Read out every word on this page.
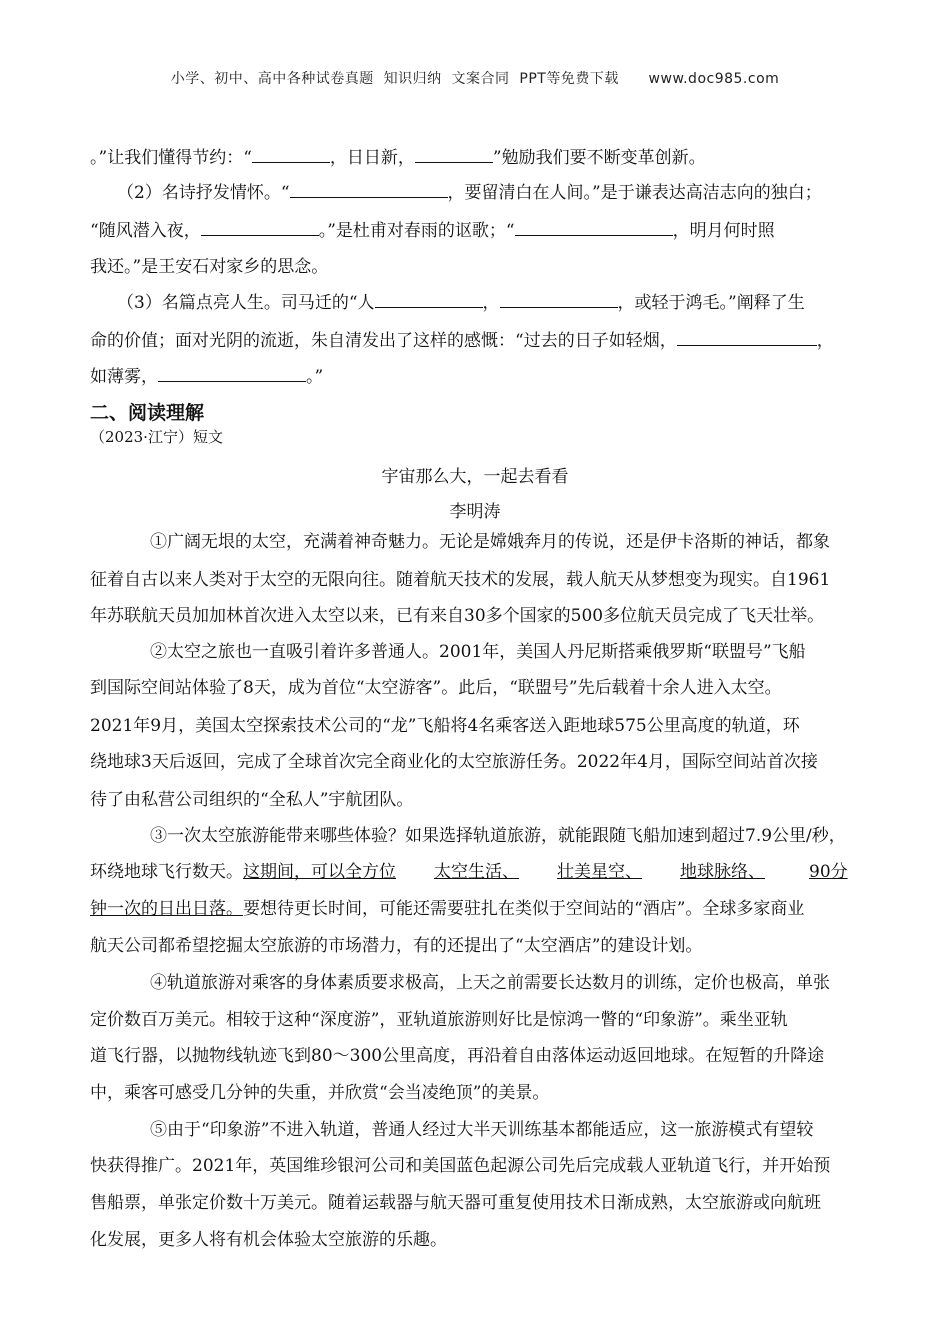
小学、初中、高中各种试卷真题  知识归纳  文案合同  PPT等免费下载      www.doc985.com
。”让我们懂得节约：“	，日日新，	”勉励我们要不断变革创新。
（2）名诗抒发情怀。“	，要留清白在人间。”是于谦表达高洁志向的独白；
“随风潜入夜，	。”是杜甫对春雨的讴歌；“	，明月何时照
我还。”是王安石对家乡的思念。
（3）名篇点亮人生。司马迁的“人	，	，或轻于鸿毛。”阐释了生
命的价值；面对光阴的流逝，朱自清发出了这样的感慨：“过去的日子如轻烟，	，
如薄雾，	。”
二、阅读理解
（2023·江宁）短文
宇宙那么大，一起去看看
李明涛
①广阔无垠的太空，充满着神奇魅力。无论是嫦娥奔月的传说，还是伊卡洛斯的神话，都象
征着自古以来人类对于太空的无限向往。随着航天技术的发展，载人航天从梦想变为现实。自1961
年苏联航天员加加林首次进入太空以来，已有来自30多个国家的500多位航天员完成了飞天壮举。
②太空之旅也一直吸引着许多普通人。2001年，美国人丹尼斯搭乘俄罗斯“联盟号”飞船
到国际空间站体验了8天，成为首位“太空游客”。此后，“联盟号”先后载着十余人进入太空。
2021年9月，美国太空探索技术公司的“龙”飞船将4名乘客送入距地球575公里高度的轨道，环
绕地球3天后返回，完成了全球首次完全商业化的太空旅游任务。2022年4月，国际空间站首次接
待了由私营公司组织的“全私人”宇航团队。
③一次太空旅游能带来哪些体验？如果选择轨道旅游，就能跟随飞船加速到超过7.9公里/秒，
环绕地球飞行数天。这期间，可以全方位 太空生活、 壮美星空、 地球脉络、	90分
钟一次的日出日落。要想待更长时间，可能还需要驻扎在类似于空间站的“酒店”。全球多家商业
航天公司都希望挖掘太空旅游的市场潜力，有的还提出了“太空酒店”的建设计划。
④轨道旅游对乘客的身体素质要求极高，上天之前需要长达数月的训练，定价也极高，单张
定价数百万美元。相较于这种“深度游”，亚轨道旅游则好比是惊鸿一瞥的“印象游”。乘坐亚轨
道飞行器，以抛物线轨迹飞到80～300公里高度，再沿着自由落体运动返回地球。在短暂的升降途
中，乘客可感受几分钟的失重，并欣赏“会当凌绝顶”的美景。
⑤由于“印象游”不进入轨道，普通人经过大半天训练基本都能适应，这一旅游模式有望较
快获得推广。2021年，英国维珍银河公司和美国蓝色起源公司先后完成载人亚轨道飞行，并开始预
售船票，单张定价数十万美元。随着运载器与航天器可重复使用技术日渐成熟，太空旅游或向航班
化发展，更多人将有机会体验太空旅游的乐趣。
